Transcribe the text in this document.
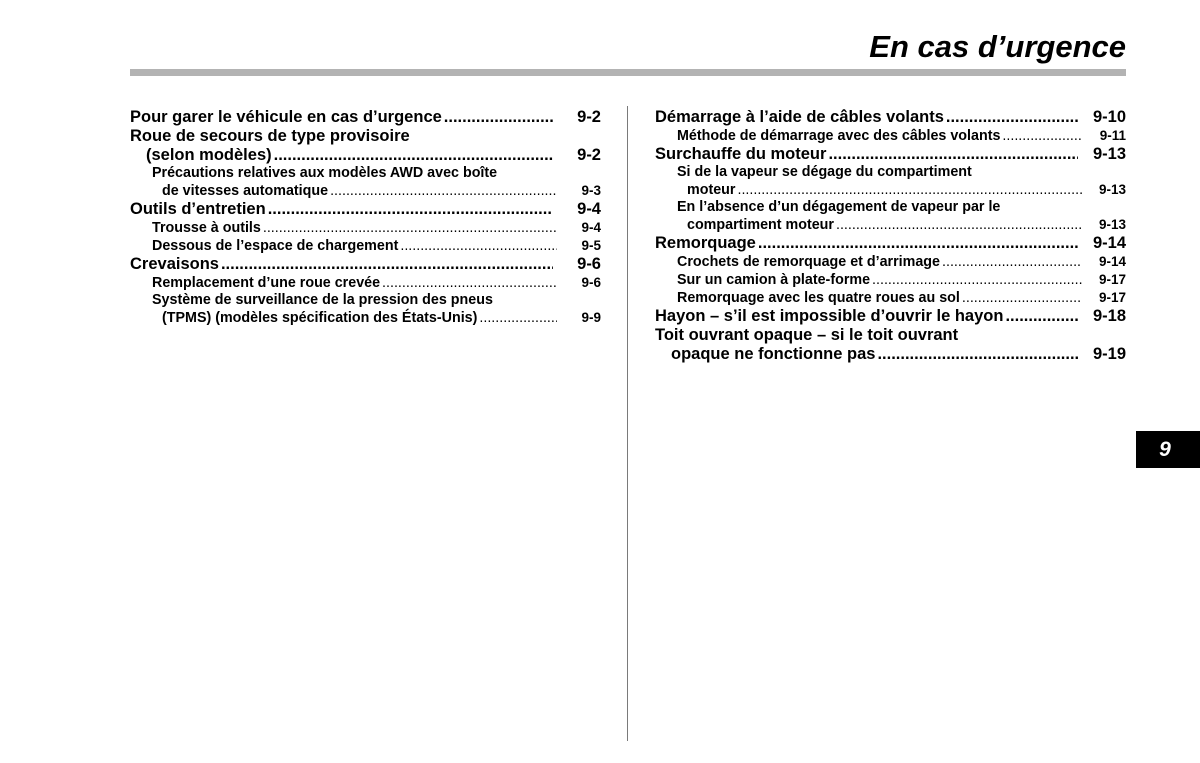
En cas d’urgence
Pour garer le véhicule en cas d’urgence .....	9-2
Roue de secours de type provisoire
(selon modèles) .....	9-2
Précautions relatives aux modèles AWD avec boîte
de vitesses automatique .....	9-3
Outils d’entretien .....	9-4
Trousse à outils .....	9-4
Dessous de l’espace de chargement .....	9-5
Crevaisons .....	9-6
Remplacement d’une roue crevée .....	9-6
Système de surveillance de la pression des pneus
(TPMS) (modèles spécification des États-Unis) .....	9-9
Démarrage à l’aide de câbles volants .....	9-10
Méthode de démarrage avec des câbles volants .....	9-11
Surchauffe du moteur .....	9-13
Si de la vapeur se dégage du compartiment
moteur .....	9-13
En l’absence d’un dégagement de vapeur par le
compartiment moteur .....	9-13
Remorquage .....	9-14
Crochets de remorquage et d’arrimage .....	9-14
Sur un camion à plate-forme .....	9-17
Remorquage avec les quatre roues au sol .....	9-17
Hayon – s’il est impossible d’ouvrir le hayon .....	9-18
Toit ouvrant opaque – si le toit ouvrant
opaque ne fonctionne pas .....	9-19
9
